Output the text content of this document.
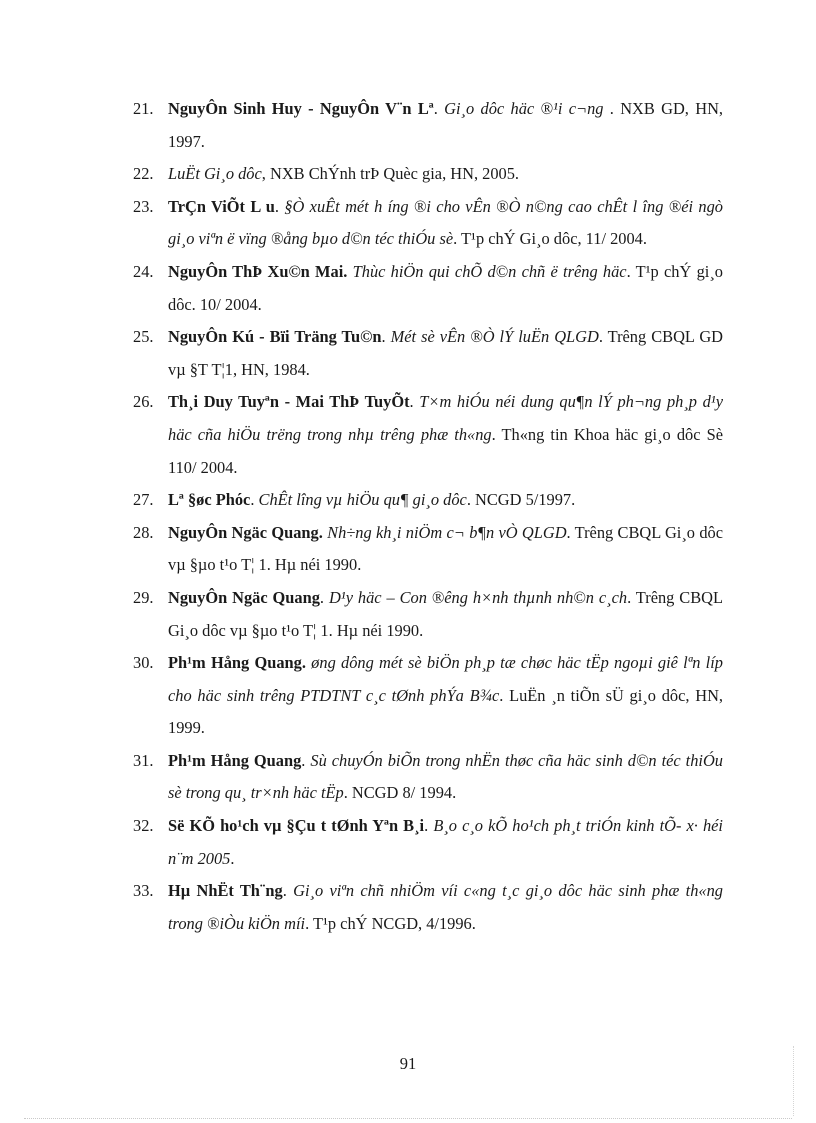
21. NguyÔn Sinh Huy - NguyÔn V¨n Lª. Gi¸o dôc häc ®¹i c¬ng . NXB GD, HN, 1997.
22. LuËt Gi¸o dôc, NXB ChÝnh trÞ Quèc gia, HN, 2005.
23. TrÇn ViÕt L u. §Ò xuÊt mét h íng ®i cho vÊn ®Ò n©ng cao chÊt l îng ®éi ngò gi¸o viªn ë vïng ®ång bµo d©n téc thiÓu sè. T¹p chÝ Gi¸o dôc, 11/ 2004.
24. NguyÔn ThÞ Xu©n Mai. Thùc hiÖn qui chÕ d©n chñ ë trêng häc. T¹p chÝ gi¸o dôc. 10/ 2004.
25. NguyÔn Kú - Bïi Träng Tu©n. Mét sè vÊn ®Ò lÝ luËn QLGD. Trêng CBQL GD vµ §T T¦1, HN, 1984.
26. Th¸i Duy Tuyªn - Mai ThÞ TuyÕt. T×m hiÓu néi dung qu¶n lÝ ph¬ng ph¸p d¹y häc cña hiÖu trëng trong nhµ trêng phæ th«ng. Th«ng tin Khoa häc gi¸o dôc Sè 110/ 2004.
27. Lª §øc Phóc. ChÊt lîng vµ hiÖu qu¶ gi¸o dôc. NCGD 5/1997.
28. NguyÔn Ngäc Quang. Nh÷ng kh¸i niÖm c¬ b¶n vÒ QLGD. Trêng CBQL Gi¸o dôc vµ §µo t¹o T¦ 1. Hµ néi 1990.
29. NguyÔn Ngäc Quang. D¹y häc – Con ®êng h×nh thµnh nh©n c¸ch. Trêng CBQL Gi¸o dôc vµ §µo t¹o T¦ 1. Hµ néi 1990.
30. Ph¹m Hång Quang. øng dông mét sè biÖn ph¸p tæ chøc häc tËp ngoµi giê lªn líp cho häc sinh trêng PTDTNT c¸c tØnh phÝa B¾c. LuËn ¸n tiÕn sÜ gi¸o dôc, HN, 1999.
31. Ph¹m Hång Quang. Sù chuyÓn biÕn trong nhËn thøc cña häc sinh d©n téc thiÓu sè trong qu¸ tr×nh häc tËp. NCGD 8/ 1994.
32. Së KÕ ho¹ch vµ §Çu t tØnh Yªn B¸i. B¸o c¸o kÕ ho¹ch ph¸t triÓn kinh tÕ- x· héi n¨m 2005.
33. Hµ NhËt Th¨ng. Gi¸o viªn chñ nhiÖm víi c«ng t¸c gi¸o dôc häc sinh phæ th«ng trong ®iÒu kiÖn míi. T¹p chÝ NCGD, 4/1996.
91
